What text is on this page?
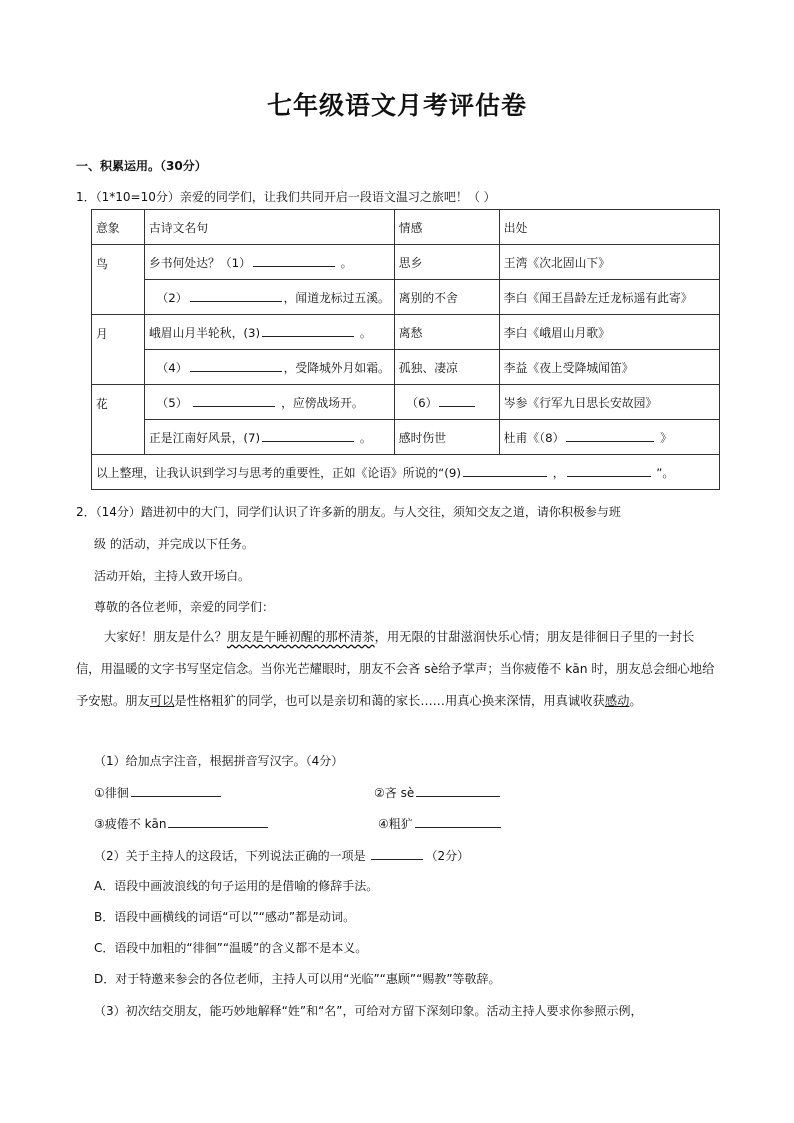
七年级语文月考评估卷
一、积累运用。（30分）
1．（1*10=10分）亲爱的同学们，让我们共同开启一段语文温习之旅吧！（ ）
意象	古诗文名句	情感	出处
鸟	乡书何处达？（1） 。	思乡	王湾《次北固山下》
	（2） ，闻道龙标过五溪。	离别的不舍	李白《闻王昌龄左迁龙标遥有此寄》
月	峨眉山月半轮秋，(3) 。	离愁	李白《峨眉山月歌》
	（4） ，受降城外月如霜。	孤独、凄凉	李益《夜上受降城闻笛》
花	（5） ，应傍战场开。	（6）	岑参《行军九日思长安故园》
	正是江南好风景，(7) 。	感时伤世	杜甫《（8） 》
以上整理，让我认识到学习与思考的重要性，正如《论语》所说的“(9) ， ”。			
2．（14分）踏进初中的大门，同学们认识了许多新的朋友。与人交往，须知交友之道，请你积极参与班
级 的活动，并完成以下任务。
活动开始，主持人致开场白。
尊敬的各位老师，亲爱的同学们：

大家好！朋友是什么？朋友是午睡初醒的那杯清茶，用无限的甘甜滋润快乐心情；朋友是徘徊日子里的一封长信，用温暖的文字书写坚定信念。当你光芒耀眼时，朋友不会吝 sè给予掌声；当你疲倦不 kān 时，朋友总会细心地给予安慰。朋友可以是性格粗犷的同学，也可以是亲切和蔼的家长……用真心换来深情，用真诚收获感动。

（1）给加点字注音，根据拼音写汉字。（4分）
①徘徊	②吝 sè
③疲倦不 kān	④粗犷
（2）关于主持人的这段话，下列说法正确的一项是	（2分）
A．语段中画波浪线的句子运用的是借喻的修辞手法。
B．语段中画横线的词语“可以”“感动”都是动词。
C．语段中加粗的“徘徊”“温暖”的含义都不是本义。
D．对于特邀来参会的各位老师，主持人可以用“光临”“惠顾”“赐教”等敬辞。
（3）初次结交朋友，能巧妙地解释“姓”和“名”，可给对方留下深刻印象。活动主持人要求你参照示例，
